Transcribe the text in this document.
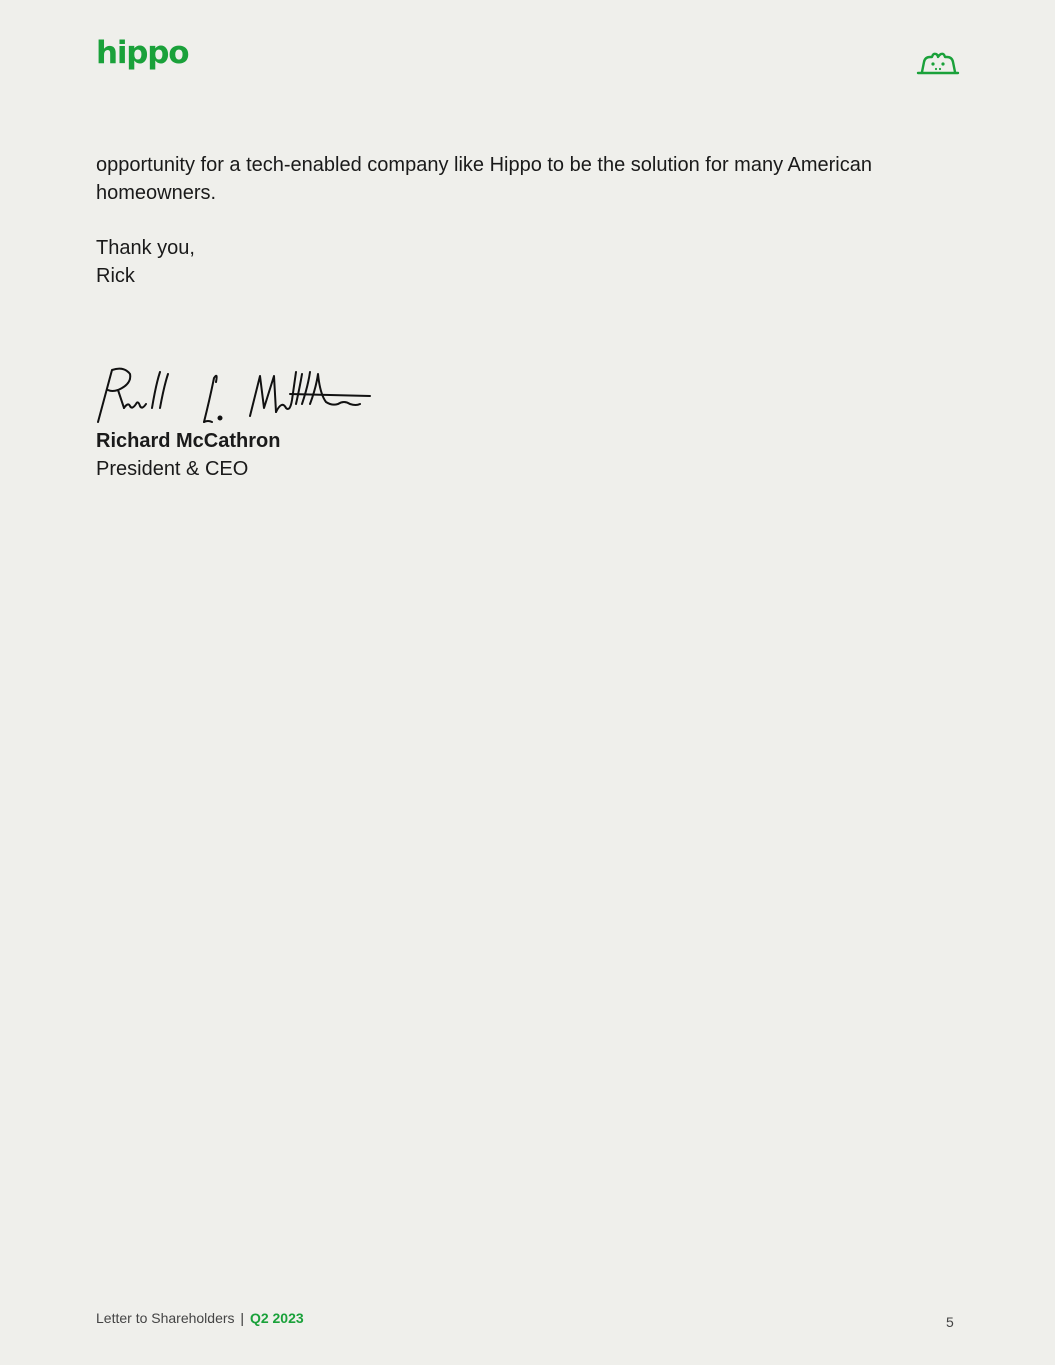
hippo

opportunity for a tech-enabled company like Hippo to be the solution for many American homeowners.

Thank you,
Rick
Richard McCathron
President & CEO
Letter to Shareholders | Q2 2023	5
